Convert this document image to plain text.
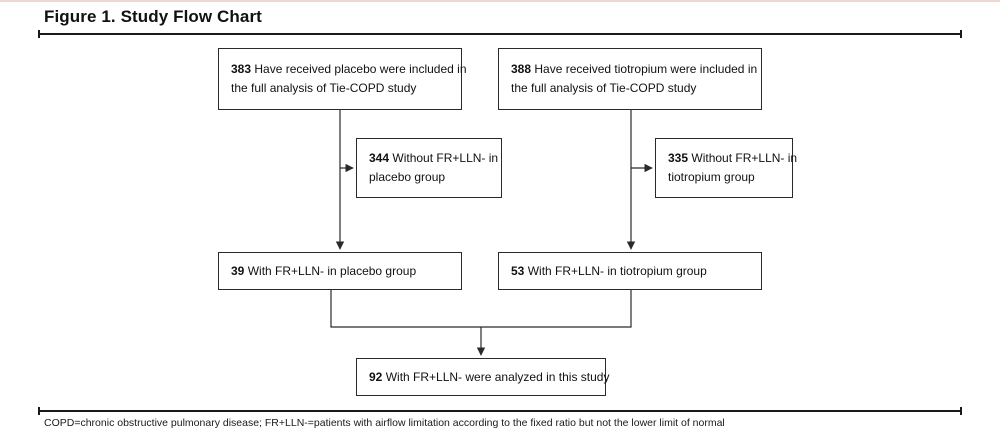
Figure 1. Study Flow Chart
383 Have received placebo were included in
the full analysis of Tie-COPD study
388 Have received tiotropium were included in
the full analysis of Tie-COPD study
344 Without FR+LLN- in
placebo group
335 Without FR+LLN- in
tiotropium group
39 With FR+LLN- in placebo group	53 With FR+LLN- in tiotropium group
92 With FR+LLN- were analyzed in this study
COPD=chronic obstructive pulmonary disease; FR+LLN-=patients with airflow limitation according to the fixed ratio but not the lower limit of normal
